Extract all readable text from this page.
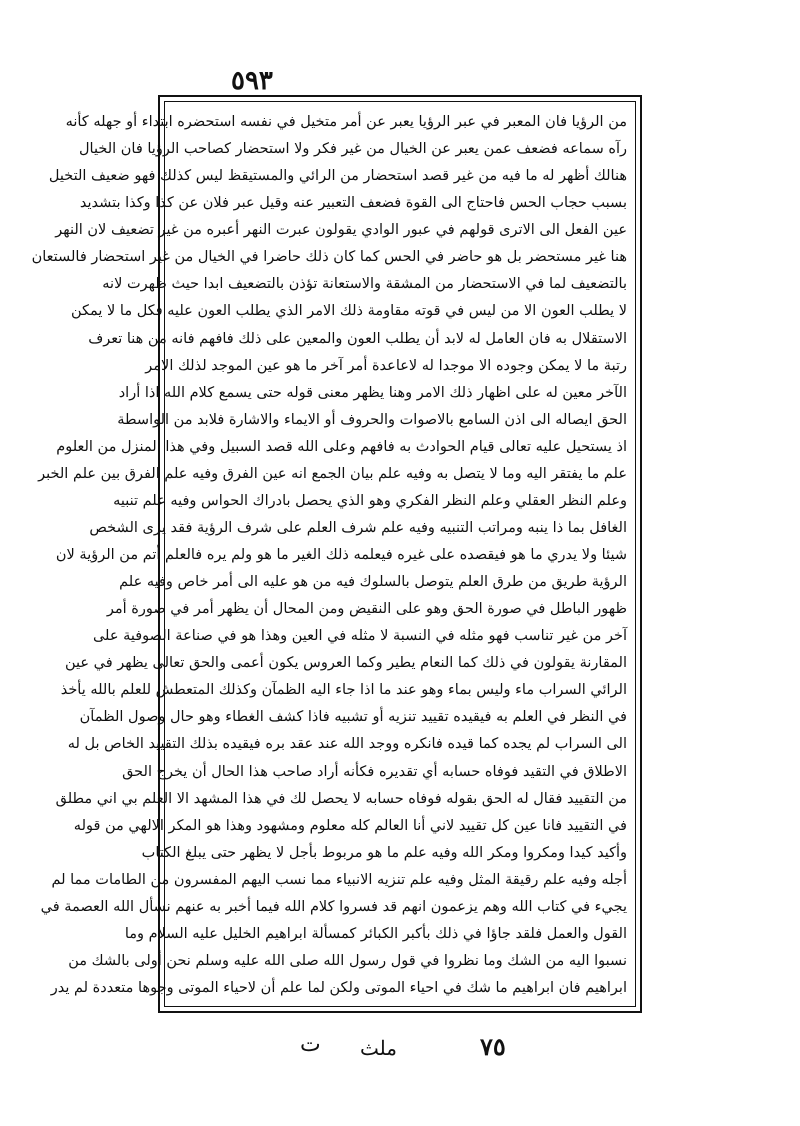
٥٩٣
من الرؤيا فان المعبر في عبر الرؤيا يعبر عن أمر متخيل في نفسه استحضره ابتداء أو جهله كأنه
رآه سماعه فضعف عمن يعبر عن الخيال من غير فكر ولا استحضار كصاحب الرؤيا فان الخيال
هنالك أظهر له ما فيه من غير قصد استحضار من الرائي والمستيقظ ليس كذلك فهو ضعيف التخيل
بسبب حجاب الحس فاحتاج الى القوة فضعف التعبير عنه وقيل عبر فلان عن كذا وكذا بتشديد
عين الفعل الى الاترى قولهم في عبور الوادي يقولون عبرت النهر أعبره من غير تضعيف لان النهر
هنا غير مستحضر بل هو حاضر في الحس كما كان ذلك حاضرا في الخيال من غير استحضار فالستعان
بالتضعيف لما في الاستحضار من المشقة والاستعانة تؤذن بالتضعيف ابدا حيث ظهرت لانه
لا يطلب العون الا من ليس في قوته مقاومة ذلك الامر الذي يطلب العون عليه فكل ما لا يمكن
الاستقلال به فان العامل له لابد أن يطلب العون والمعين على ذلك فافهم فانه من هنا تعرف
رتبة ما لا يمكن وجوده الا موجدا له لاعاعدة أمر آخر ما هو عين الموجد لذلك الامر
الآخر معين له على اظهار ذلك الامر وهنا يظهر معنى قوله حتى يسمع كلام الله اذا أراد
الحق ايصاله الى اذن السامع بالاصوات والحروف أو الايماء والاشارة فلابد من الواسطة
اذ يستحيل عليه تعالى قيام الحوادث به فافهم وعلى الله قصد السبيل وفي هذا المنزل من العلوم
علم ما يفتقر اليه وما لا يتصل به وفيه علم بيان الجمع انه عين الفرق وفيه علم الفرق بين علم الخبر
وعلم النظر العقلي وعلم النظر الفكري وهو الذي يحصل بادراك الحواس وفيه علم تنبيه
الغافل بما ذا ينبه ومراتب التنبيه وفيه علم شرف العلم على شرف الرؤية فقد يرى الشخص
شيئا ولا يدري ما هو فيقصده على غيره فيعلمه ذلك الغير ما هو ولم يره فالعلم أتم من الرؤية لان
الرؤية طريق من طرق العلم يتوصل بالسلوك فيه من هو عليه الى أمر خاص وفيه علم
ظهور الباطل في صورة الحق وهو على النقيض ومن المحال أن يظهر أمر في صورة أمر
آخر من غير تناسب فهو مثله في النسبة لا مثله في العين وهذا هو في صناعة الصوفية على
المقارنة يقولون في ذلك كما النعام يطير وكما العروس يكون أعمى والحق تعالى يظهر في عين
الرائي السراب ماء وليس بماء وهو عند ما اذا جاء اليه الظمآن وكذلك المتعطش للعلم بالله يأخذ
في النظر في العلم به فيقيده تقييد تنزيه أو تشبيه فاذا كشف الغطاء وهو حال وصول الظمآن
الى السراب لم يجده كما قيده فانكره ووجد الله عند عقد بره فيقيده بذلك التقييد الخاص بل له
الاطلاق في التقيد فوفاه حسابه أي تقديره فكأنه أراد صاحب هذا الحال أن يخرج الحق
من التقييد فقال له الحق بقوله فوفاه حسابه لا يحصل لك في هذا المشهد الا العلم بي اني مطلق
في التقييد فانا عين كل تقييد لاني أنا العالم كله معلوم ومشهود وهذا هو المكر الالهي من قوله
وأكيد كيدا ومكروا ومكر الله وفيه علم ما هو مربوط بأجل لا يظهر حتى يبلغ الكتاب
أجله وفيه علم رقيقة المثل وفيه علم تنزيه الانبياء مما نسب اليهم المفسرون من الطامات مما لم
يجيء في كتاب الله وهم يزعمون انهم قد فسروا كلام الله فيما أخبر به عنهم نسأل الله العصمة في
القول والعمل فلقد جاؤا في ذلك بأكبر الكبائر كمسألة ابراهيم الخليل عليه السلام وما
نسبوا اليه من الشك وما نظروا في قول رسول الله صلى الله عليه وسلم نحن أولى بالشك من
ابراهيم فان ابراهيم ما شك في احياء الموتى ولكن لما علم أن لاحياء الموتى وجوها متعددة لم يدر
٧٥
ملث
ت
